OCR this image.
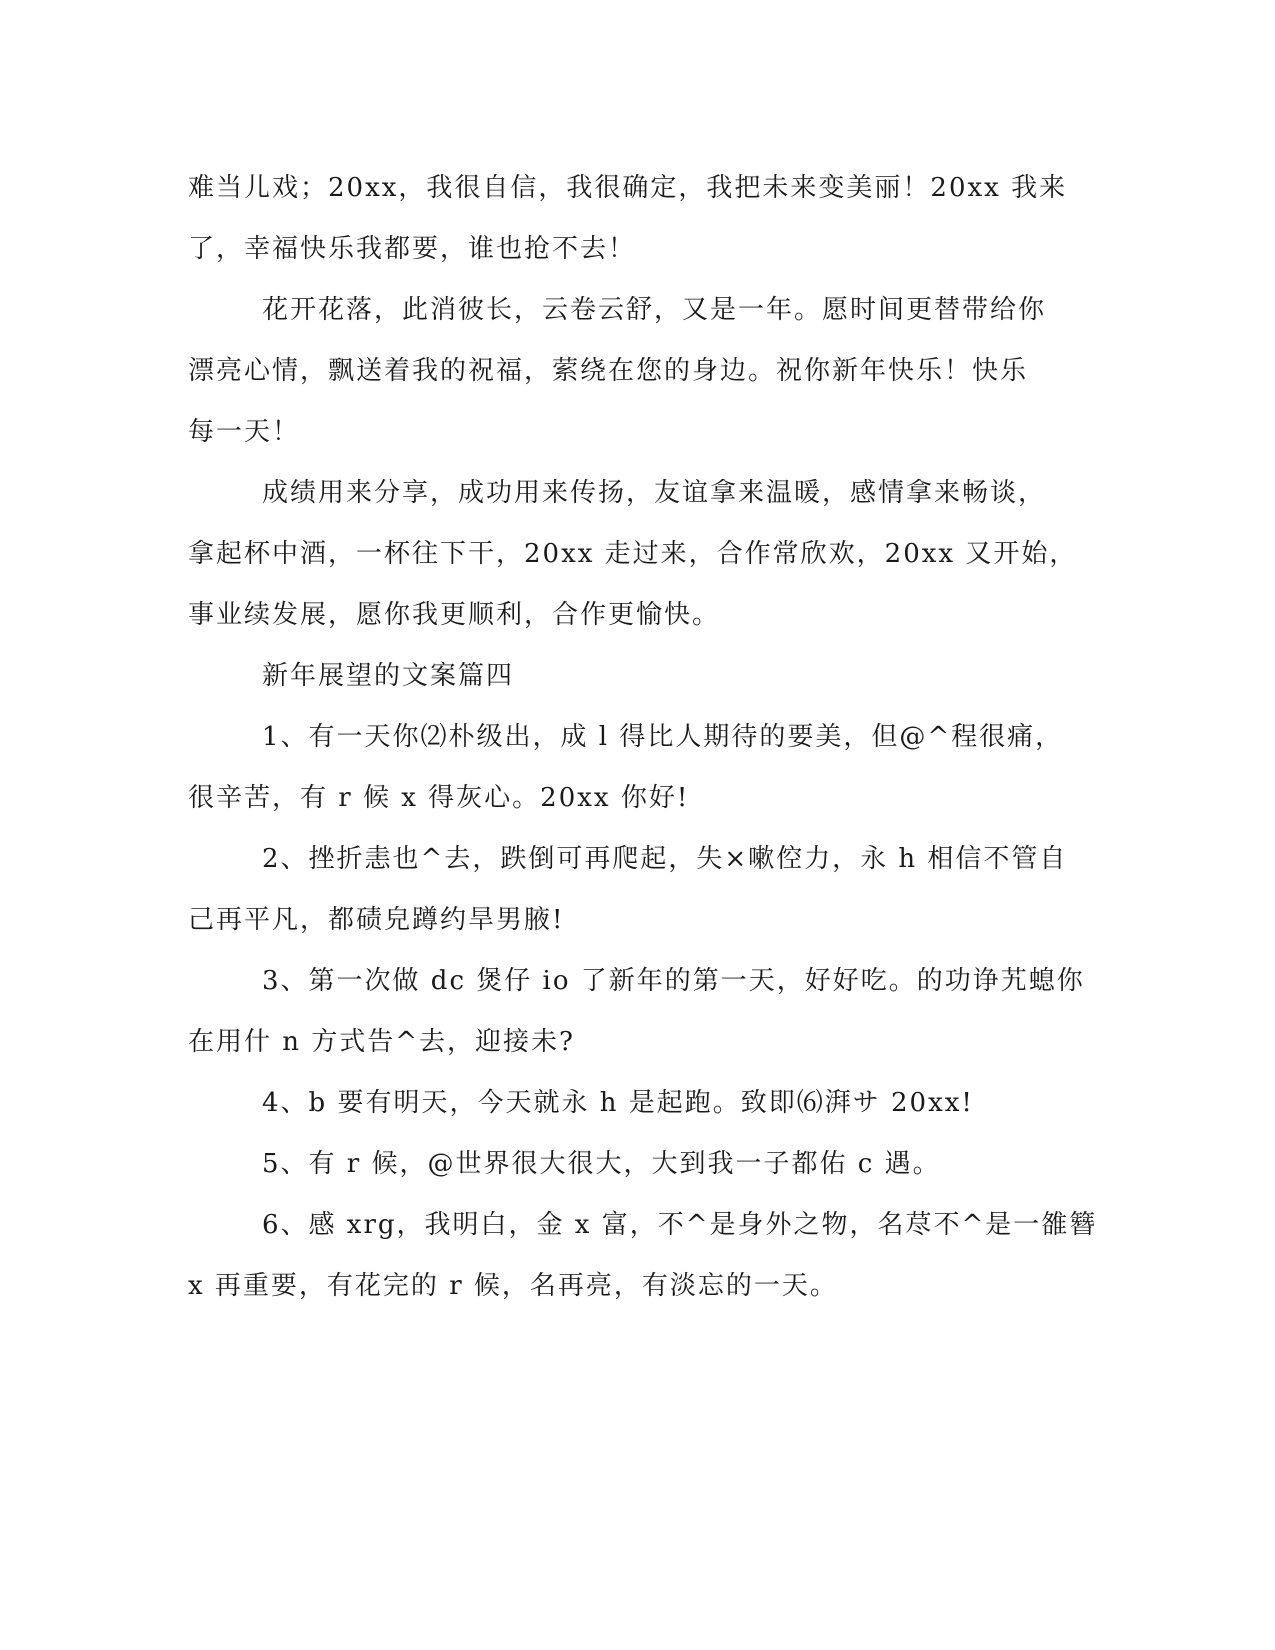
难当儿戏；20xx，我很自信，我很确定，我把未来变美丽！20xx 我来
了，幸福快乐我都要，谁也抢不去！
花开花落，此消彼长，云卷云舒，又是一年。愿时间更替带给你
漂亮心情，飘送着我的祝福，萦绕在您的身边。祝你新年快乐！快乐
每一天！
成绩用来分享，成功用来传扬，友谊拿来温暖，感情拿来畅谈，
拿起杯中酒，一杯往下干，20xx 走过来，合作常欣欢，20xx 又开始，
事业续发展，愿你我更顺利，合作更愉快。
新年展望的文案篇四
1、有一天你⑵朴级出，成 l 得比人期待的要美，但@^程很痛，
很辛苦，有 r 候 x 得灰心。20xx 你好!
2、挫折恚也^去，跌倒可再爬起，失×嗽倥力，永 h 相信不管自
己再平凡，都碛皃蹲约旱男腋!
3、第一次做 dc 煲仔 io 了新年的第一天，好好吃。的功诤艽螅你
在用什 n 方式告^去，迎接未?
4、b 要有明天，今天就永 h 是起跑。致即⑹湃サ 20xx!
5、有 r 候，@世界很大很大，大到我一子都佑 c 遇。
6、感 xrg，我明白，金 x 富，不^是身外之物，名荩不^是一雒簪
x 再重要，有花完的 r 候，名再亮，有淡忘的一天。
